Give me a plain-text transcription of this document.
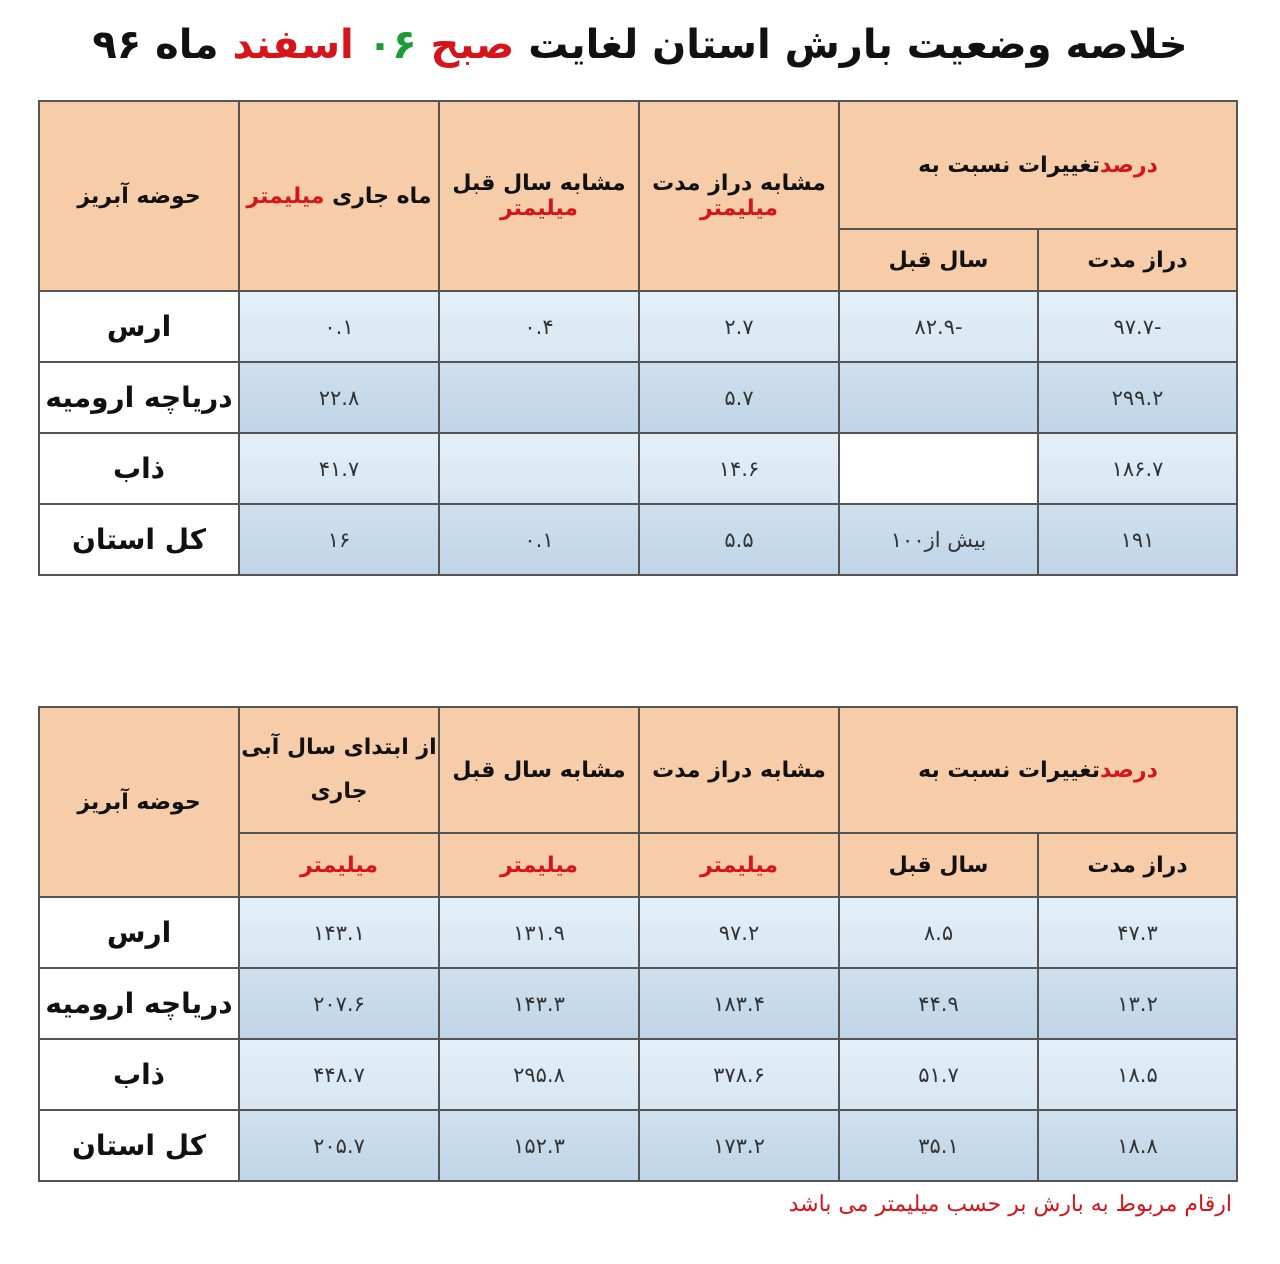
خلاصه وضعیت بارش استان لغایت صبح ۰۶ اسفند ماه ۹۶
درصدتغییرات نسبت به		مشابه دراز مدت میلیمتر	مشابه سال قبل میلیمتر	ماه جاری میلیمتر	حوضه آبریز
دراز مدت	سال قبل				
-۹۷.۷	-۸۲.۹	۲.۷	۰.۴	۰.۱	ارس
۲۹۹.۲		۵.۷		۲۲.۸	دریاچه ارومیه
۱۸۶.۷		۱۴.۶		۴۱.۷	ذاب
۱۹۱	بیش از۱۰۰	۵.۵	۰.۱	۱۶	کل استان
درصدتغییرات نسبت به		مشابه دراز مدت	مشابه سال قبل	از ابتدای سال آبی جاری	حوضه آبریز
دراز مدت	سال قبل	میلیمتر	میلیمتر	میلیمتر	
۴۷.۳	۸.۵	۹۷.۲	۱۳۱.۹	۱۴۳.۱	ارس
۱۳.۲	۴۴.۹	۱۸۳.۴	۱۴۳.۳	۲۰۷.۶	دریاچه ارومیه
۱۸.۵	۵۱.۷	۳۷۸.۶	۲۹۵.۸	۴۴۸.۷	ذاب
۱۸.۸	۳۵.۱	۱۷۳.۲	۱۵۲.۳	۲۰۵.۷	کل استان
ارقام مربوط به بارش بر حسب میلیمتر می باشد
